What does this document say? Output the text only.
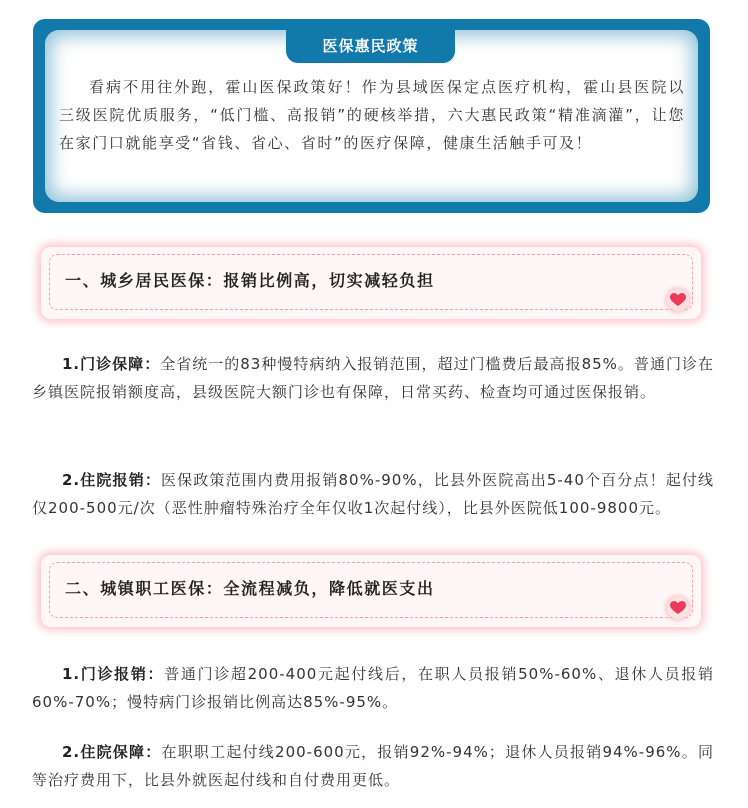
医保惠民政策

看病不用往外跑，霍山医保政策好！作为县域医保定点医疗机构，霍山县医院以三级医院优质服务，“低门槛、高报销”的硬核举措，六大惠民政策“精准滴灌”，让您在家门口就能享受“省钱、省心、省时”的医疗保障，健康生活触手可及！

一、城乡居民医保：报销比例高，切实减轻负担

1.门诊保障：全省统一的83种慢特病纳入报销范围，超过门槛费后最高报85%。普通门诊在乡镇医院报销额度高，县级医院大额门诊也有保障，日常买药、检查均可通过医保报销。

2.住院报销：医保政策范围内费用报销80%-90%，比县外医院高出5-40个百分点！起付线仅200-500元/次（恶性肿瘤特殊治疗全年仅收1次起付线），比县外医院低100-9800元。

二、城镇职工医保：全流程减负，降低就医支出

1.门诊报销：普通门诊超200-400元起付线后，在职人员报销50%-60%、退休人员报销60%-70%；慢特病门诊报销比例高达85%-95%。

2.住院保障：在职职工起付线200-600元，报销92%-94%；退休人员报销94%-96%。同等治疗费用下，比县外就医起付线和自付费用更低。
